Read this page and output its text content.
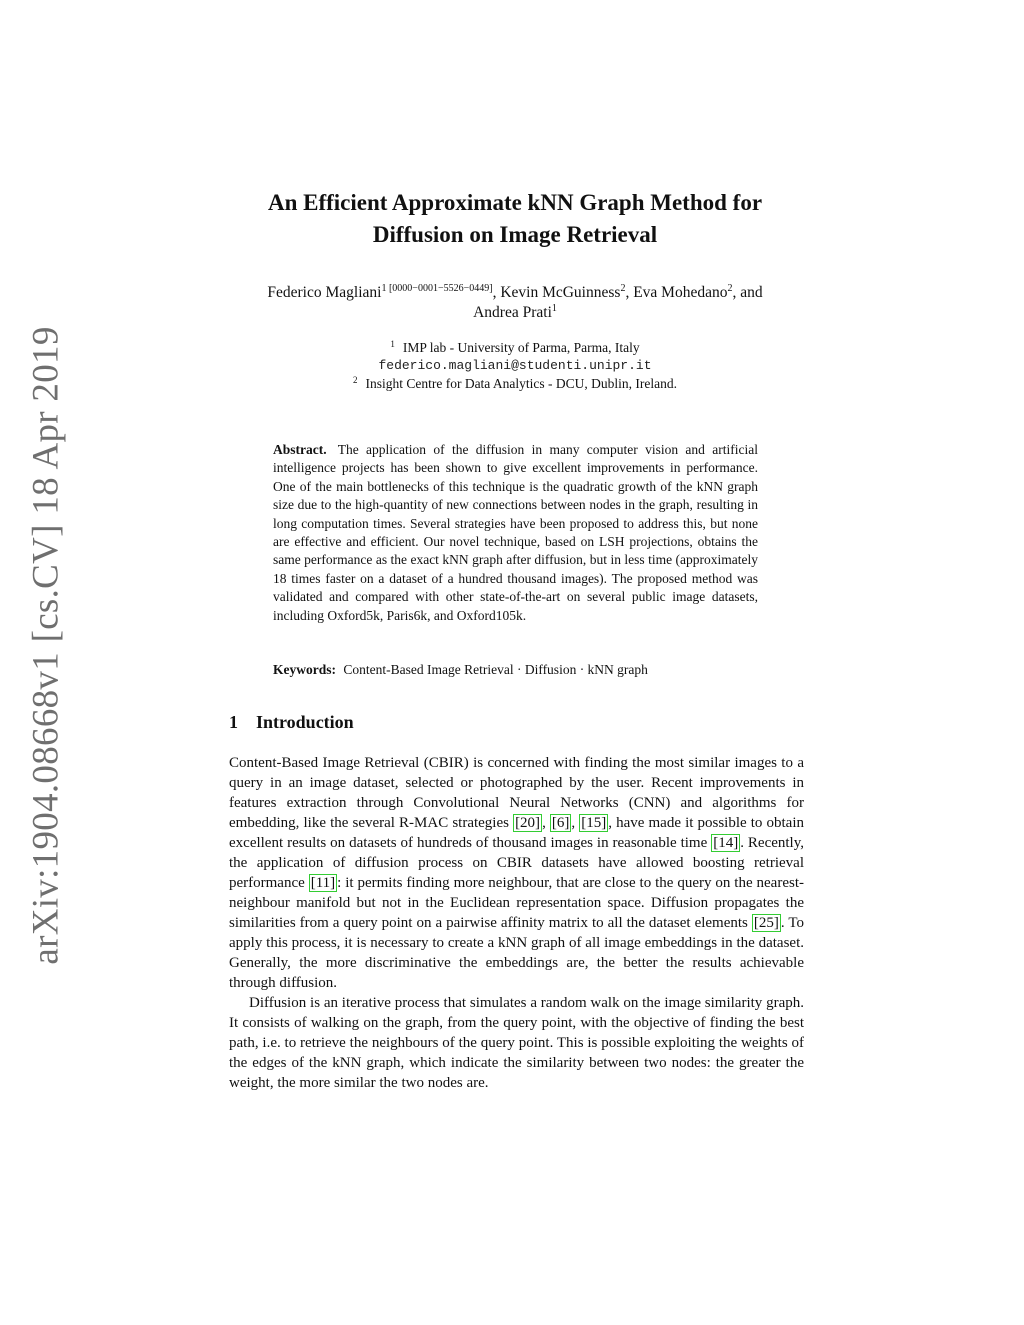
arXiv:1904.08668v1 [cs.CV] 18 Apr 2019
An Efficient Approximate kNN Graph Method for
Diffusion on Image Retrieval
Federico Magliani$^{1 [0000-0001-5526-0449]}$, Kevin McGuinness$^2$, Eva Mohedano$^2$, and
Andrea Prati$^1$
$^1$ IMP lab - University of Parma, Parma, Italy
federico.magliani@studenti.unipr.it
$^2$ Insight Centre for Data Analytics - DCU, Dublin, Ireland.
Abstract. The application of the diffusion in many computer vision and artificial intelligence projects has been shown to give excellent improvements in performance. One of the main bottlenecks of this technique is the quadratic growth of the kNN graph size due to the high-quantity of new connections between nodes in the graph, resulting in long computation times. Several strategies have been proposed to address this, but none are effective and efficient. Our novel technique, based on LSH projections, obtains the same performance as the exact kNN graph after diffusion, but in less time (approximately 18 times faster on a dataset of a hundred thousand images). The proposed method was validated and compared with other state-of-the-art on several public image datasets, including Oxford5k, Paris6k, and Oxford105k.
Keywords: Content-Based Image Retrieval · Diffusion · kNN graph
1 Introduction

Content-Based Image Retrieval (CBIR) is concerned with finding the most similar images to a query in an image dataset, selected or photographed by the user. Recent improvements in features extraction through Convolutional Neural Networks (CNN) and algorithms for embedding, like the several R-MAC strategies [20] , [6] , [15] , have made it possible to obtain excellent results on datasets of hundreds of thousand images in reasonable time [14] . Recently, the application of diffusion process on CBIR datasets have allowed boosting retrieval performance [11] : it permits finding more neighbour, that are close to the query on the nearest-neighbour manifold but not in the Euclidean representation space. Diffusion propagates the similarities from a query point on a pairwise affinity matrix to all the dataset elements [25] . To apply this process, it is necessary to create a kNN graph of all image embeddings in the dataset. Generally, the more discriminative the embeddings are, the better the results achievable through diffusion.

Diffusion is an iterative process that simulates a random walk on the image similarity graph. It consists of walking on the graph, from the query point, with the objective of finding the best path, i.e. to retrieve the neighbours of the query point. This is possible exploiting the weights of the edges of the kNN graph, which indicate the similarity between two nodes: the greater the weight, the more similar the two nodes are.
